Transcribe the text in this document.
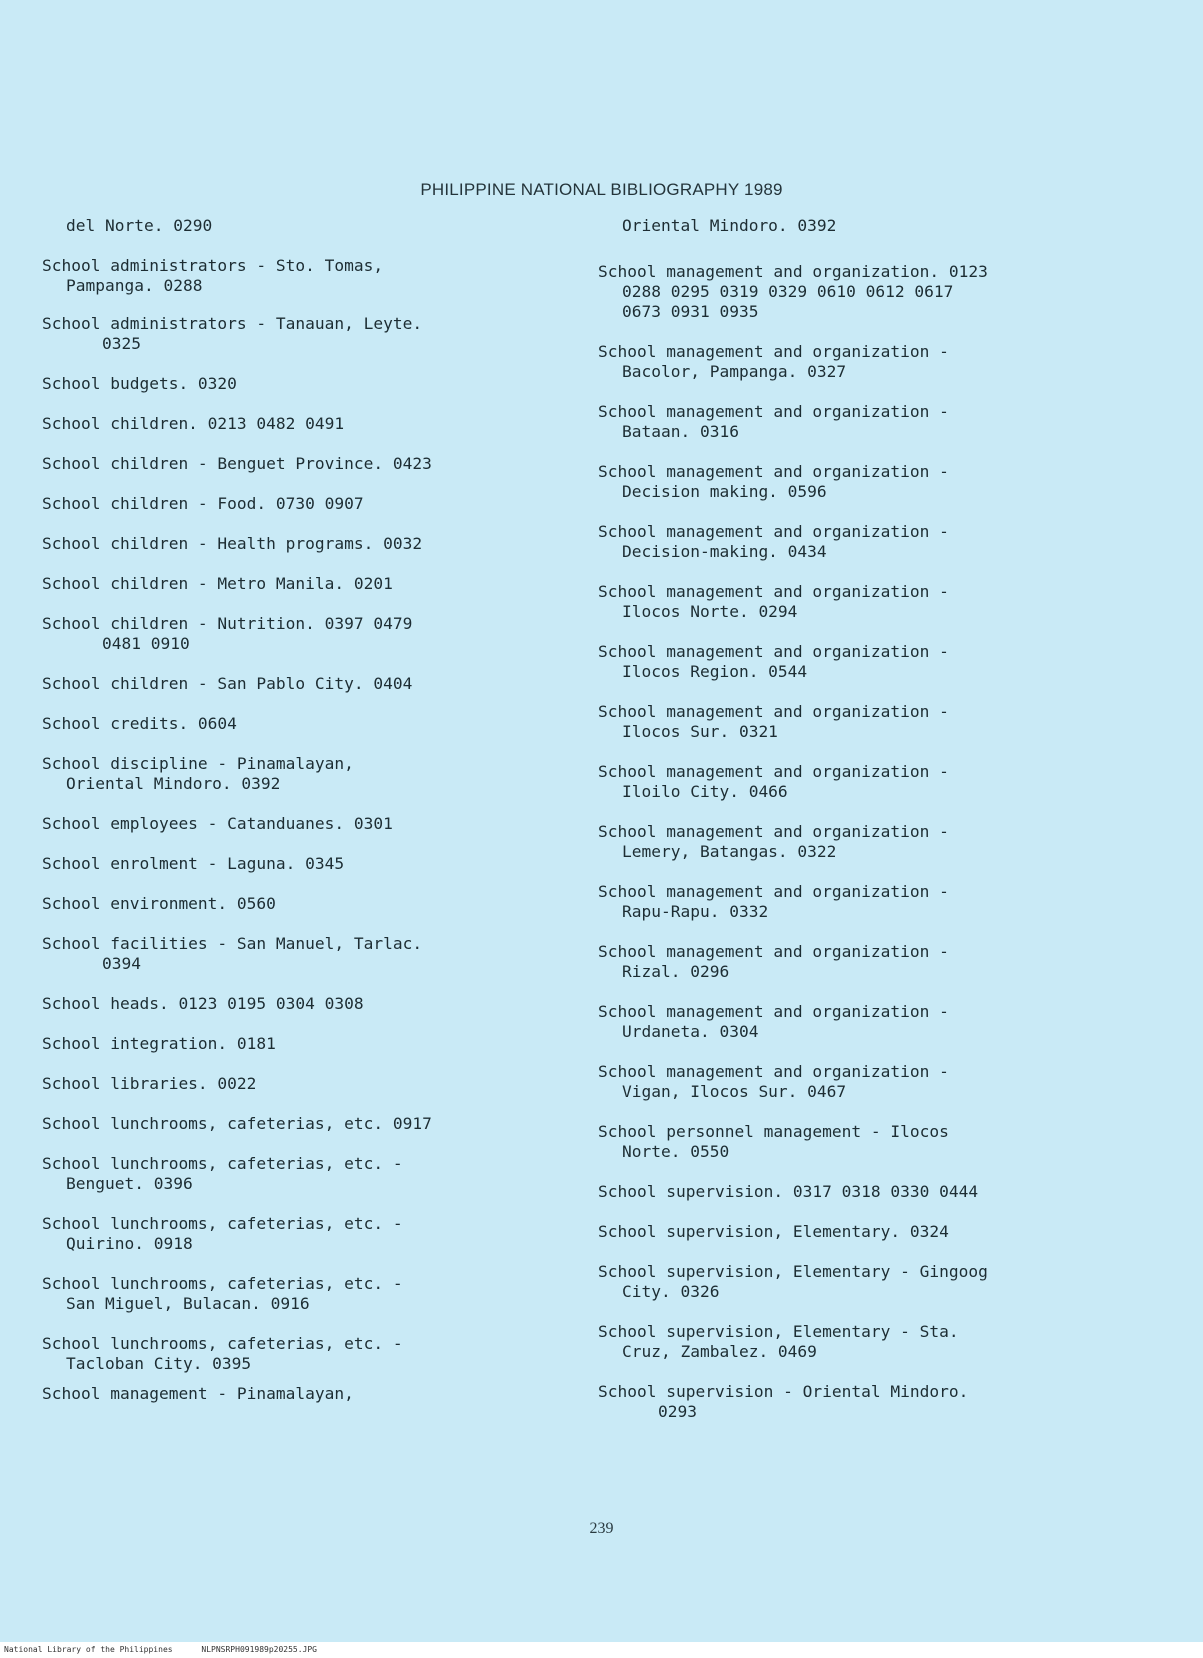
PHILIPPINE NATIONAL BIBLIOGRAPHY 1989
del Norte. 0290
School administrators - Sto. Tomas,
Pampanga. 0288
School administrators - Tanauan, Leyte.
0325
School budgets. 0320
School children. 0213 0482 0491
School children - Benguet Province. 0423
School children - Food. 0730 0907
School children - Health programs. 0032
School children - Metro Manila. 0201
School children - Nutrition. 0397 0479
0481 0910
School children - San Pablo City. 0404
School credits. 0604
School discipline - Pinamalayan,
Oriental Mindoro. 0392
School employees - Catanduanes. 0301
School enrolment - Laguna. 0345
School environment. 0560
School facilities - San Manuel, Tarlac.
0394
School heads. 0123 0195 0304 0308
School integration. 0181
School libraries. 0022
School lunchrooms, cafeterias, etc. 0917
School lunchrooms, cafeterias, etc. -
Benguet. 0396
School lunchrooms, cafeterias, etc. -
Quirino. 0918
School lunchrooms, cafeterias, etc. -
San Miguel, Bulacan. 0916
School lunchrooms, cafeterias, etc. -
Tacloban City. 0395
School management - Pinamalayan,
Oriental Mindoro. 0392
School management and organization. 0123
0288 0295 0319 0329 0610 0612 0617
0673 0931 0935
School management and organization -
Bacolor, Pampanga. 0327
School management and organization -
Bataan. 0316
School management and organization -
Decision making. 0596
School management and organization -
Decision-making. 0434
School management and organization -
Ilocos Norte. 0294
School management and organization -
Ilocos Region. 0544
School management and organization -
Ilocos Sur. 0321
School management and organization -
Iloilo City. 0466
School management and organization -
Lemery, Batangas. 0322
School management and organization -
Rapu-Rapu. 0332
School management and organization -
Rizal. 0296
School management and organization -
Urdaneta. 0304
School management and organization -
Vigan, Ilocos Sur. 0467
School personnel management - Ilocos
Norte. 0550
School supervision. 0317 0318 0330 0444
School supervision, Elementary. 0324
School supervision, Elementary - Gingoog
City. 0326
School supervision, Elementary - Sta.
Cruz, Zambalez. 0469
School supervision - Oriental Mindoro.
0293
239
National Library of the Philippines	NLPNSRPH091989p20255.JPG
